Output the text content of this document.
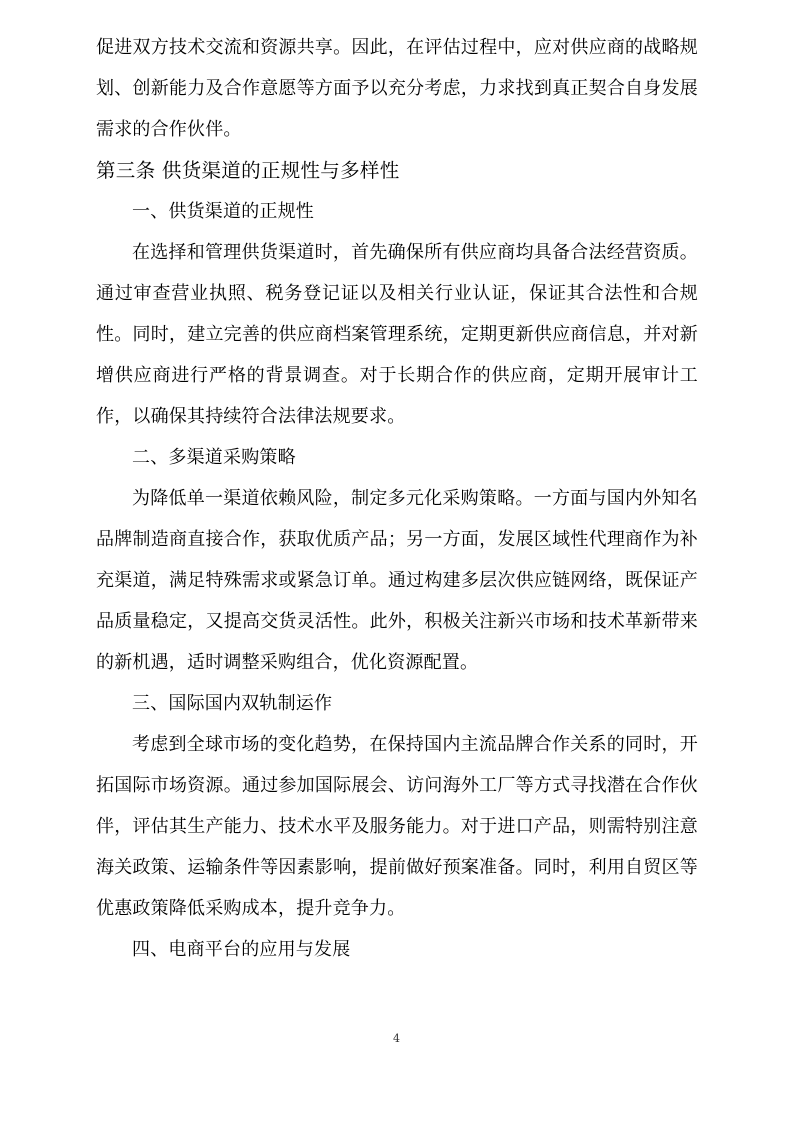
促进双方技术交流和资源共享。因此，在评估过程中，应对供应商的战略规划、创新能力及合作意愿等方面予以充分考虑，力求找到真正契合自身发展需求的合作伙伴。

第三条 供货渠道的正规性与多样性

一、供货渠道的正规性

在选择和管理供货渠道时，首先确保所有供应商均具备合法经营资质。通过审查营业执照、税务登记证以及相关行业认证，保证其合法性和合规性。同时，建立完善的供应商档案管理系统，定期更新供应商信息，并对新增供应商进行严格的背景调查。对于长期合作的供应商，定期开展审计工作，以确保其持续符合法律法规要求。

二、多渠道采购策略

为降低单一渠道依赖风险，制定多元化采购策略。一方面与国内外知名品牌制造商直接合作，获取优质产品；另一方面，发展区域性代理商作为补充渠道，满足特殊需求或紧急订单。通过构建多层次供应链网络，既保证产品质量稳定，又提高交货灵活性。此外，积极关注新兴市场和技术革新带来的新机遇，适时调整采购组合，优化资源配置。

三、国际国内双轨制运作

考虑到全球市场的变化趋势，在保持国内主流品牌合作关系的同时，开拓国际市场资源。通过参加国际展会、访问海外工厂等方式寻找潜在合作伙伴，评估其生产能力、技术水平及服务能力。对于进口产品，则需特别注意海关政策、运输条件等因素影响，提前做好预案准备。同时，利用自贸区等优惠政策降低采购成本，提升竞争力。

四、电商平台的应用与发展

4
